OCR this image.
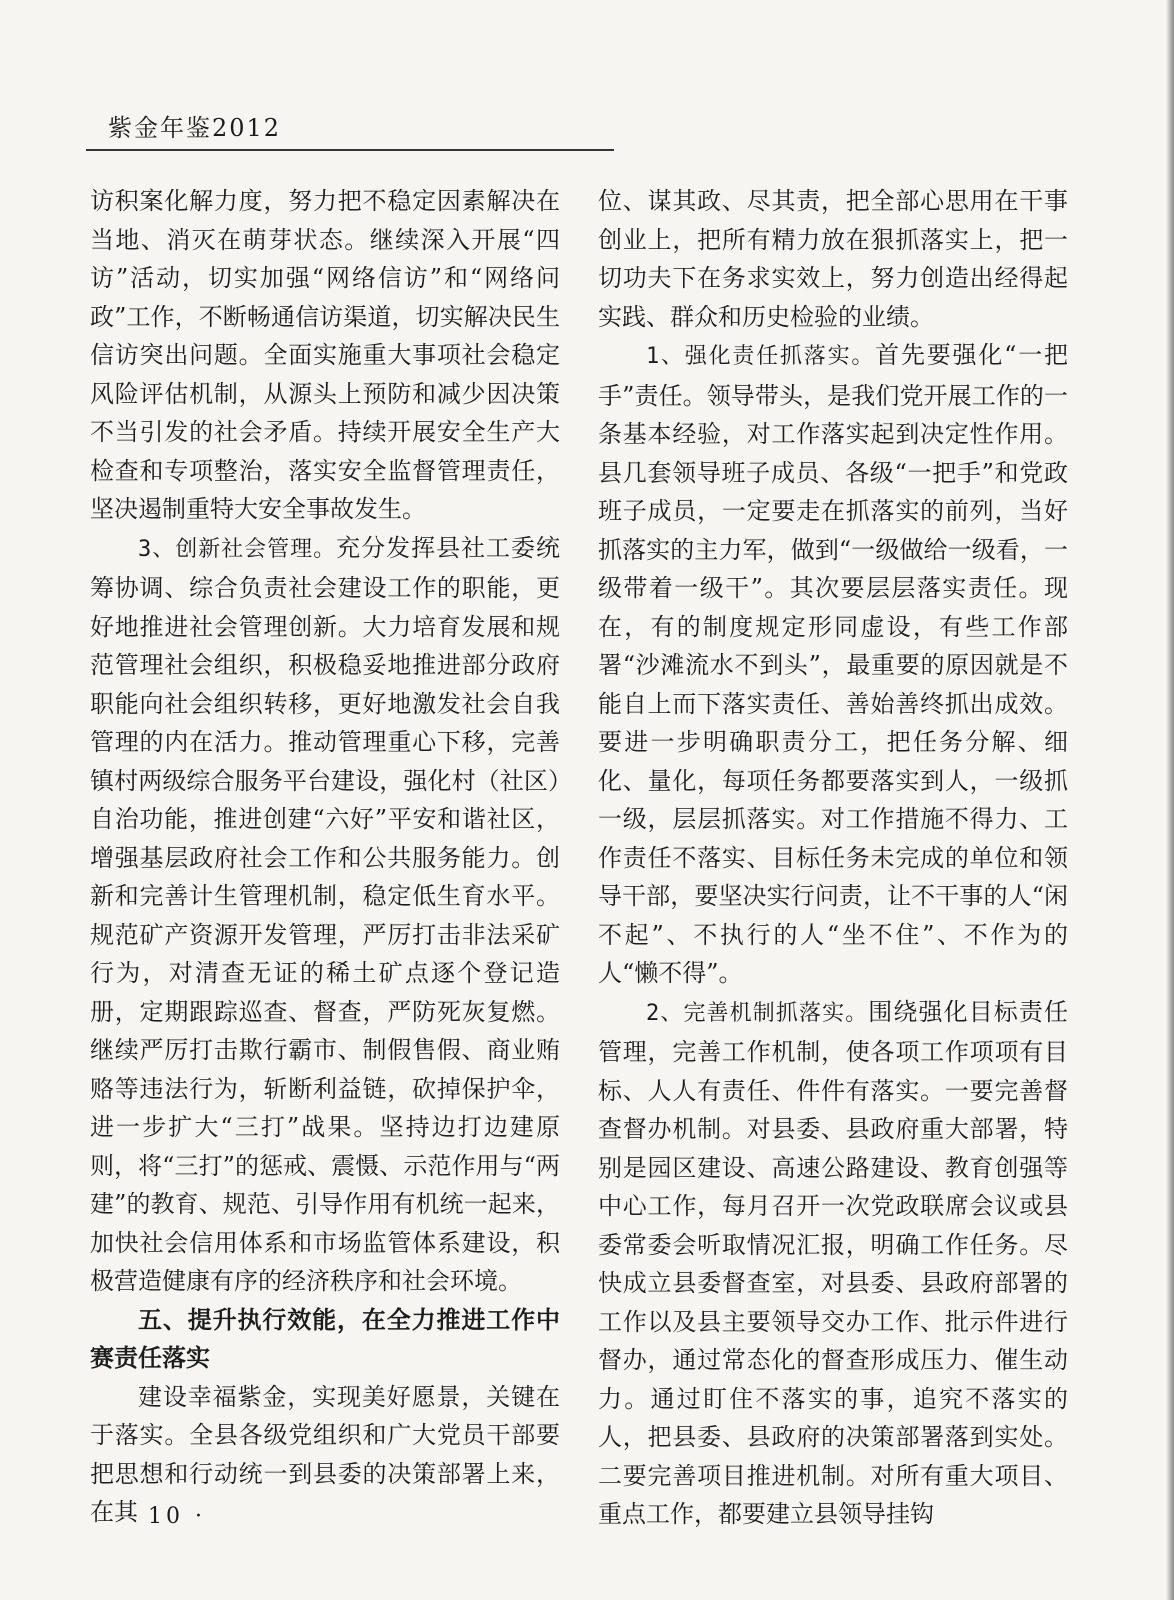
紫金年鉴2012

访积案化解力度，努力把不稳定因素解决在当地、消灭在萌芽状态。继续深入开展“四访”活动，切实加强“网络信访”和“网络问政”工作，不断畅通信访渠道，切实解决民生信访突出问题。全面实施重大事项社会稳定风险评估机制，从源头上预防和减少因决策不当引发的社会矛盾。持续开展安全生产大检查和专项整治，落实安全监督管理责任，坚决遏制重特大安全事故发生。

3、创新社会管理。充分发挥县社工委统筹协调、综合负责社会建设工作的职能，更好地推进社会管理创新。大力培育发展和规范管理社会组织，积极稳妥地推进部分政府职能向社会组织转移，更好地激发社会自我管理的内在活力。推动管理重心下移，完善镇村两级综合服务平台建设，强化村（社区）自治功能，推进创建“六好”平安和谐社区，增强基层政府社会工作和公共服务能力。创新和完善计生管理机制，稳定低生育水平。规范矿产资源开发管理，严厉打击非法采矿行为，对清查无证的稀土矿点逐个登记造册，定期跟踪巡查、督查，严防死灰复燃。继续严厉打击欺行霸市、制假售假、商业贿赂等违法行为，斩断利益链，砍掉保护伞，进一步扩大“三打”战果。坚持边打边建原则，将“三打”的惩戒、震慑、示范作用与“两建”的教育、规范、引导作用有机统一起来，加快社会信用体系和市场监管体系建设，积极营造健康有序的经济秩序和社会环境。

五、提升执行效能，在全力推进工作中赛责任落实

建设幸福紫金，实现美好愿景，关键在于落实。全县各级党组织和广大党员干部要把思想和行动统一到县委的决策部署上来，在其

位、谋其政、尽其责，把全部心思用在干事创业上，把所有精力放在狠抓落实上，把一切功夫下在务求实效上，努力创造出经得起实践、群众和历史检验的业绩。

1、强化责任抓落实。首先要强化“一把手”责任。领导带头，是我们党开展工作的一条基本经验，对工作落实起到决定性作用。县几套领导班子成员、各级“一把手”和党政班子成员，一定要走在抓落实的前列，当好抓落实的主力军，做到“一级做给一级看，一级带着一级干”。其次要层层落实责任。现在，有的制度规定形同虚设，有些工作部署“沙滩流水不到头”，最重要的原因就是不能自上而下落实责任、善始善终抓出成效。要进一步明确职责分工，把任务分解、细化、量化，每项任务都要落实到人，一级抓一级，层层抓落实。对工作措施不得力、工作责任不落实、目标任务未完成的单位和领导干部，要坚决实行问责，让不干事的人“闲不起”、不执行的人“坐不住”、不作为的人“懒不得”。

2、完善机制抓落实。围绕强化目标责任管理，完善工作机制，使各项工作项项有目标、人人有责任、件件有落实。一要完善督查督办机制。对县委、县政府重大部署，特别是园区建设、高速公路建设、教育创强等中心工作，每月召开一次党政联席会议或县委常委会听取情况汇报，明确工作任务。尽快成立县委督查室，对县委、县政府部署的工作以及县主要领导交办工作、批示件进行督办，通过常态化的督查形成压力、催生动力。通过盯住不落实的事，追究不落实的人，把县委、县政府的决策部署落到实处。二要完善项目推进机制。对所有重大项目、重点工作，都要建立县领导挂钩

· 10 ·
